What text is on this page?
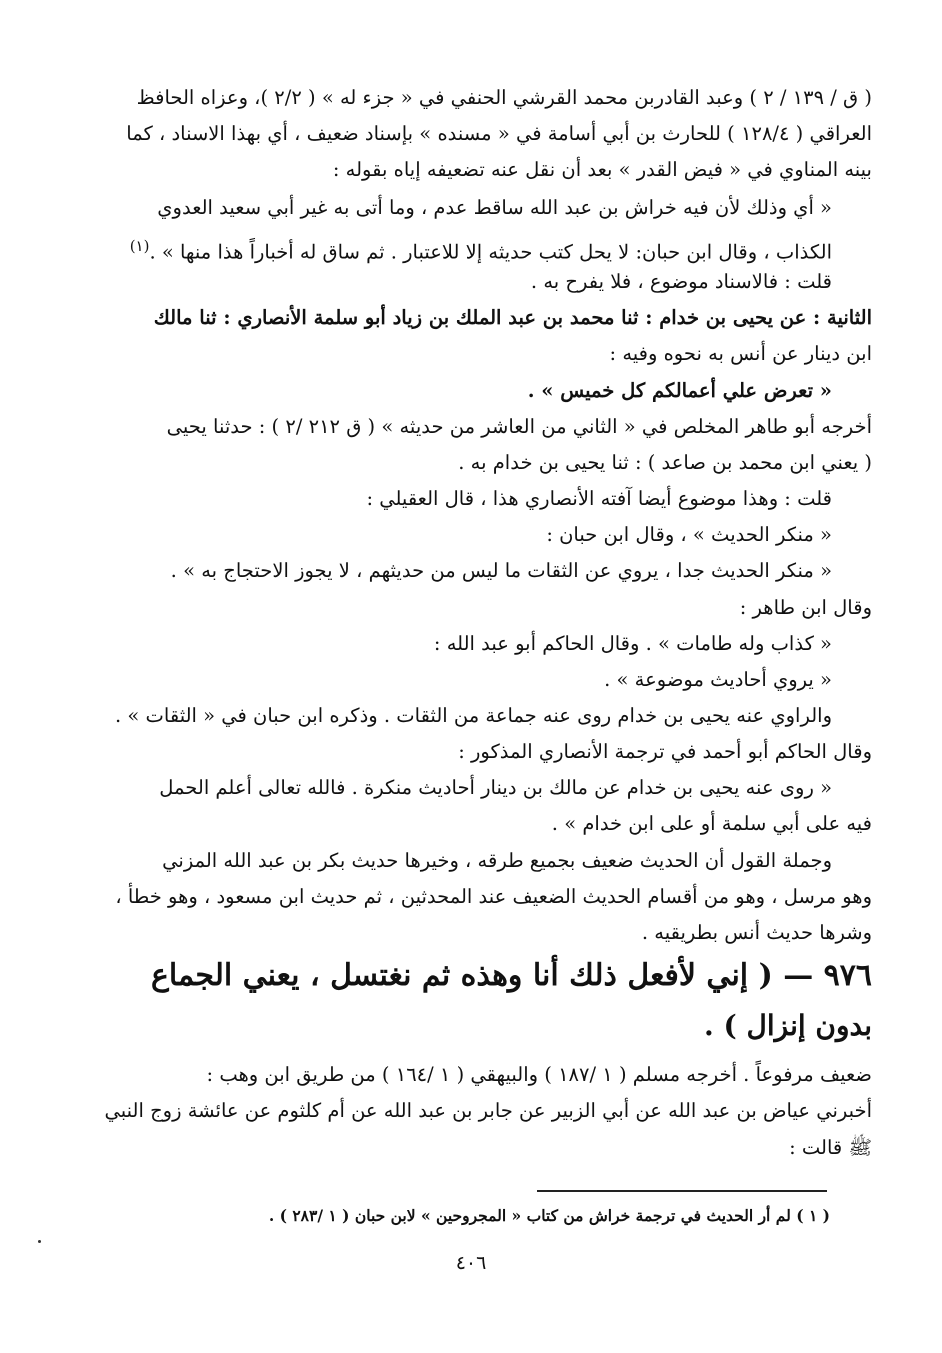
( ق / ١٣٩ / ٢ ) وعبد القادربن محمد القرشي الحنفي في « جزء له » ( ٢/٢ )، وعزاه الحافظ
العراقي ( ١٢٨/٤ ) للحارث بن أبي أسامة في « مسنده » بإسناد ضعيف ، أي بهذا الاسناد ، كما
بينه المناوي في « فيض القدر » بعد أن نقل عنه تضعيفه إياه بقوله :
« أي وذلك لأن فيه خراش بن عبد الله ساقط عدم ، وما أتى به غير أبي سعيد العدوي
الكذاب ، وقال ابن حبان: لا يحل كتب حديثه إلا للاعتبار . ثم ساق له أخباراً هذا منها » .$^{(١)}$
قلت : فالاسناد موضوع ، فلا يفرح به .
الثانية : عن يحيى بن خدام : ثنا محمد بن عبد الملك بن زياد أبو سلمة الأنصاري : ثنا مالك
ابن دينار عن أنس به نحوه وفيه :
« تعرض علي أعمالكم كل خميس » .
أخرجه أبو طاهر المخلص في « الثاني من العاشر من حديثه » ( ق ٢١٢ /٢ ) : حدثنا يحيى
( يعني ابن محمد بن صاعد ) : ثنا يحيى بن خدام به .
قلت : وهذا موضوع أيضا آفته الأنصاري هذا ، قال العقيلي :
« منكر الحديث » ، وقال ابن حبان :
« منكر الحديث جدا ، يروي عن الثقات ما ليس من حديثهم ، لا يجوز الاحتجاج به » .
وقال ابن طاهر :
« كذاب وله طامات » . وقال الحاكم أبو عبد الله :
« يروي أحاديث موضوعة » .
والراوي عنه يحيى بن خدام روى عنه جماعة من الثقات . وذكره ابن حبان في « الثقات » .
وقال الحاكم أبو أحمد في ترجمة الأنصاري المذكور :
« روى عنه يحيى بن خدام عن مالك بن دينار أحاديث منكرة . فالله تعالى أعلم الحمل
فيه على أبي سلمة أو على ابن خدام » .
وجملة القول أن الحديث ضعيف بجميع طرقه ، وخيرها حديث بكر بن عبد الله المزني
وهو مرسل ، وهو من أقسام الحديث الضعيف عند المحدثين ، ثم حديث ابن مسعود ، وهو خطأ ،
وشرها حديث أنس بطريقيه .
٩٧٦ — ( إني لأفعل ذلك أنا وهذه ثم نغتسل ، يعني الجماع
بدون إنزال ) .
ضعيف مرفوعاً . أخرجه مسلم ( ١ /١٨٧ ) والبيهقي ( ١ /١٦٤ ) من طريق ابن وهب :
أخبرني عياض بن عبد الله عن أبي الزبير عن جابر بن عبد الله عن أم كلثوم عن عائشة زوج النبي
ﷺ قالت :
( ١ ) لم أر الحديث في ترجمة خراش من كتاب « المجروحين » لابن حبان ( ١ /٢٨٣ ) .
٤٠٦
